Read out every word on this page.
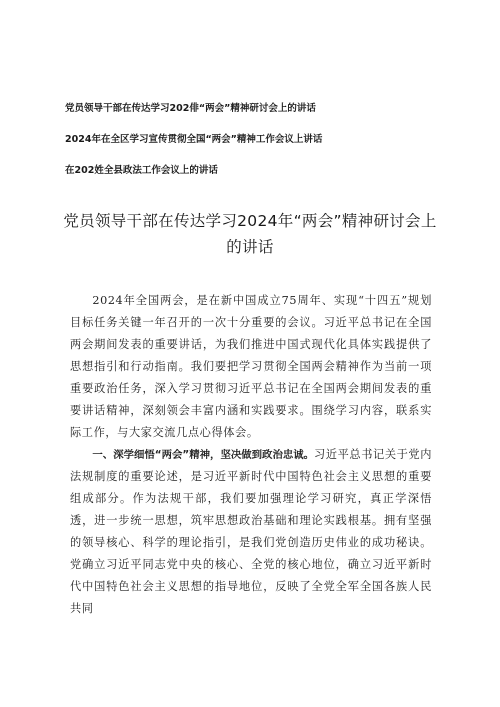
党员领导干部在传达学习202俳“两会”精神研讨会上的讲话
2024年在全区学习宣传贯彻全国“两会”精神工作会议上讲话
在202姓全县政法工作会议上的讲话
党员领导干部在传达学习2024年“两会”精神研讨会上
的讲话

2024年全国两会，是在新中国成立75周年、实现“十四五”规划目标任务关键一年召开的一次十分重要的会议。习近平总书记在全国两会期间发表的重要讲话，为我们推进中国式现代化具体实践提供了思想指引和行动指南。我们要把学习贯彻全国两会精神作为当前一项重要政治任务，深入学习贯彻习近平总书记在全国两会期间发表的重要讲话精神，深刻领会丰富内涵和实践要求。围绕学习内容，联系实际工作，与大家交流几点心得体会。

一、深学细悟“两会”精神，坚决做到政治忠诚。习近平总书记关于党内法规制度的重要论述，是习近平新时代中国特色社会主义思想的重要组成部分。作为法规干部，我们要加强理论学习研究，真正学深悟透，进一步统一思想，筑牢思想政治基础和理论实践根基。拥有坚强的领导核心、科学的理论指引，是我们党创造历史伟业的成功秘诀。党确立习近平同志党中央的核心、全党的核心地位，确立习近平新时代中国特色社会主义思想的指导地位，反映了全党全军全国各族人民共同
